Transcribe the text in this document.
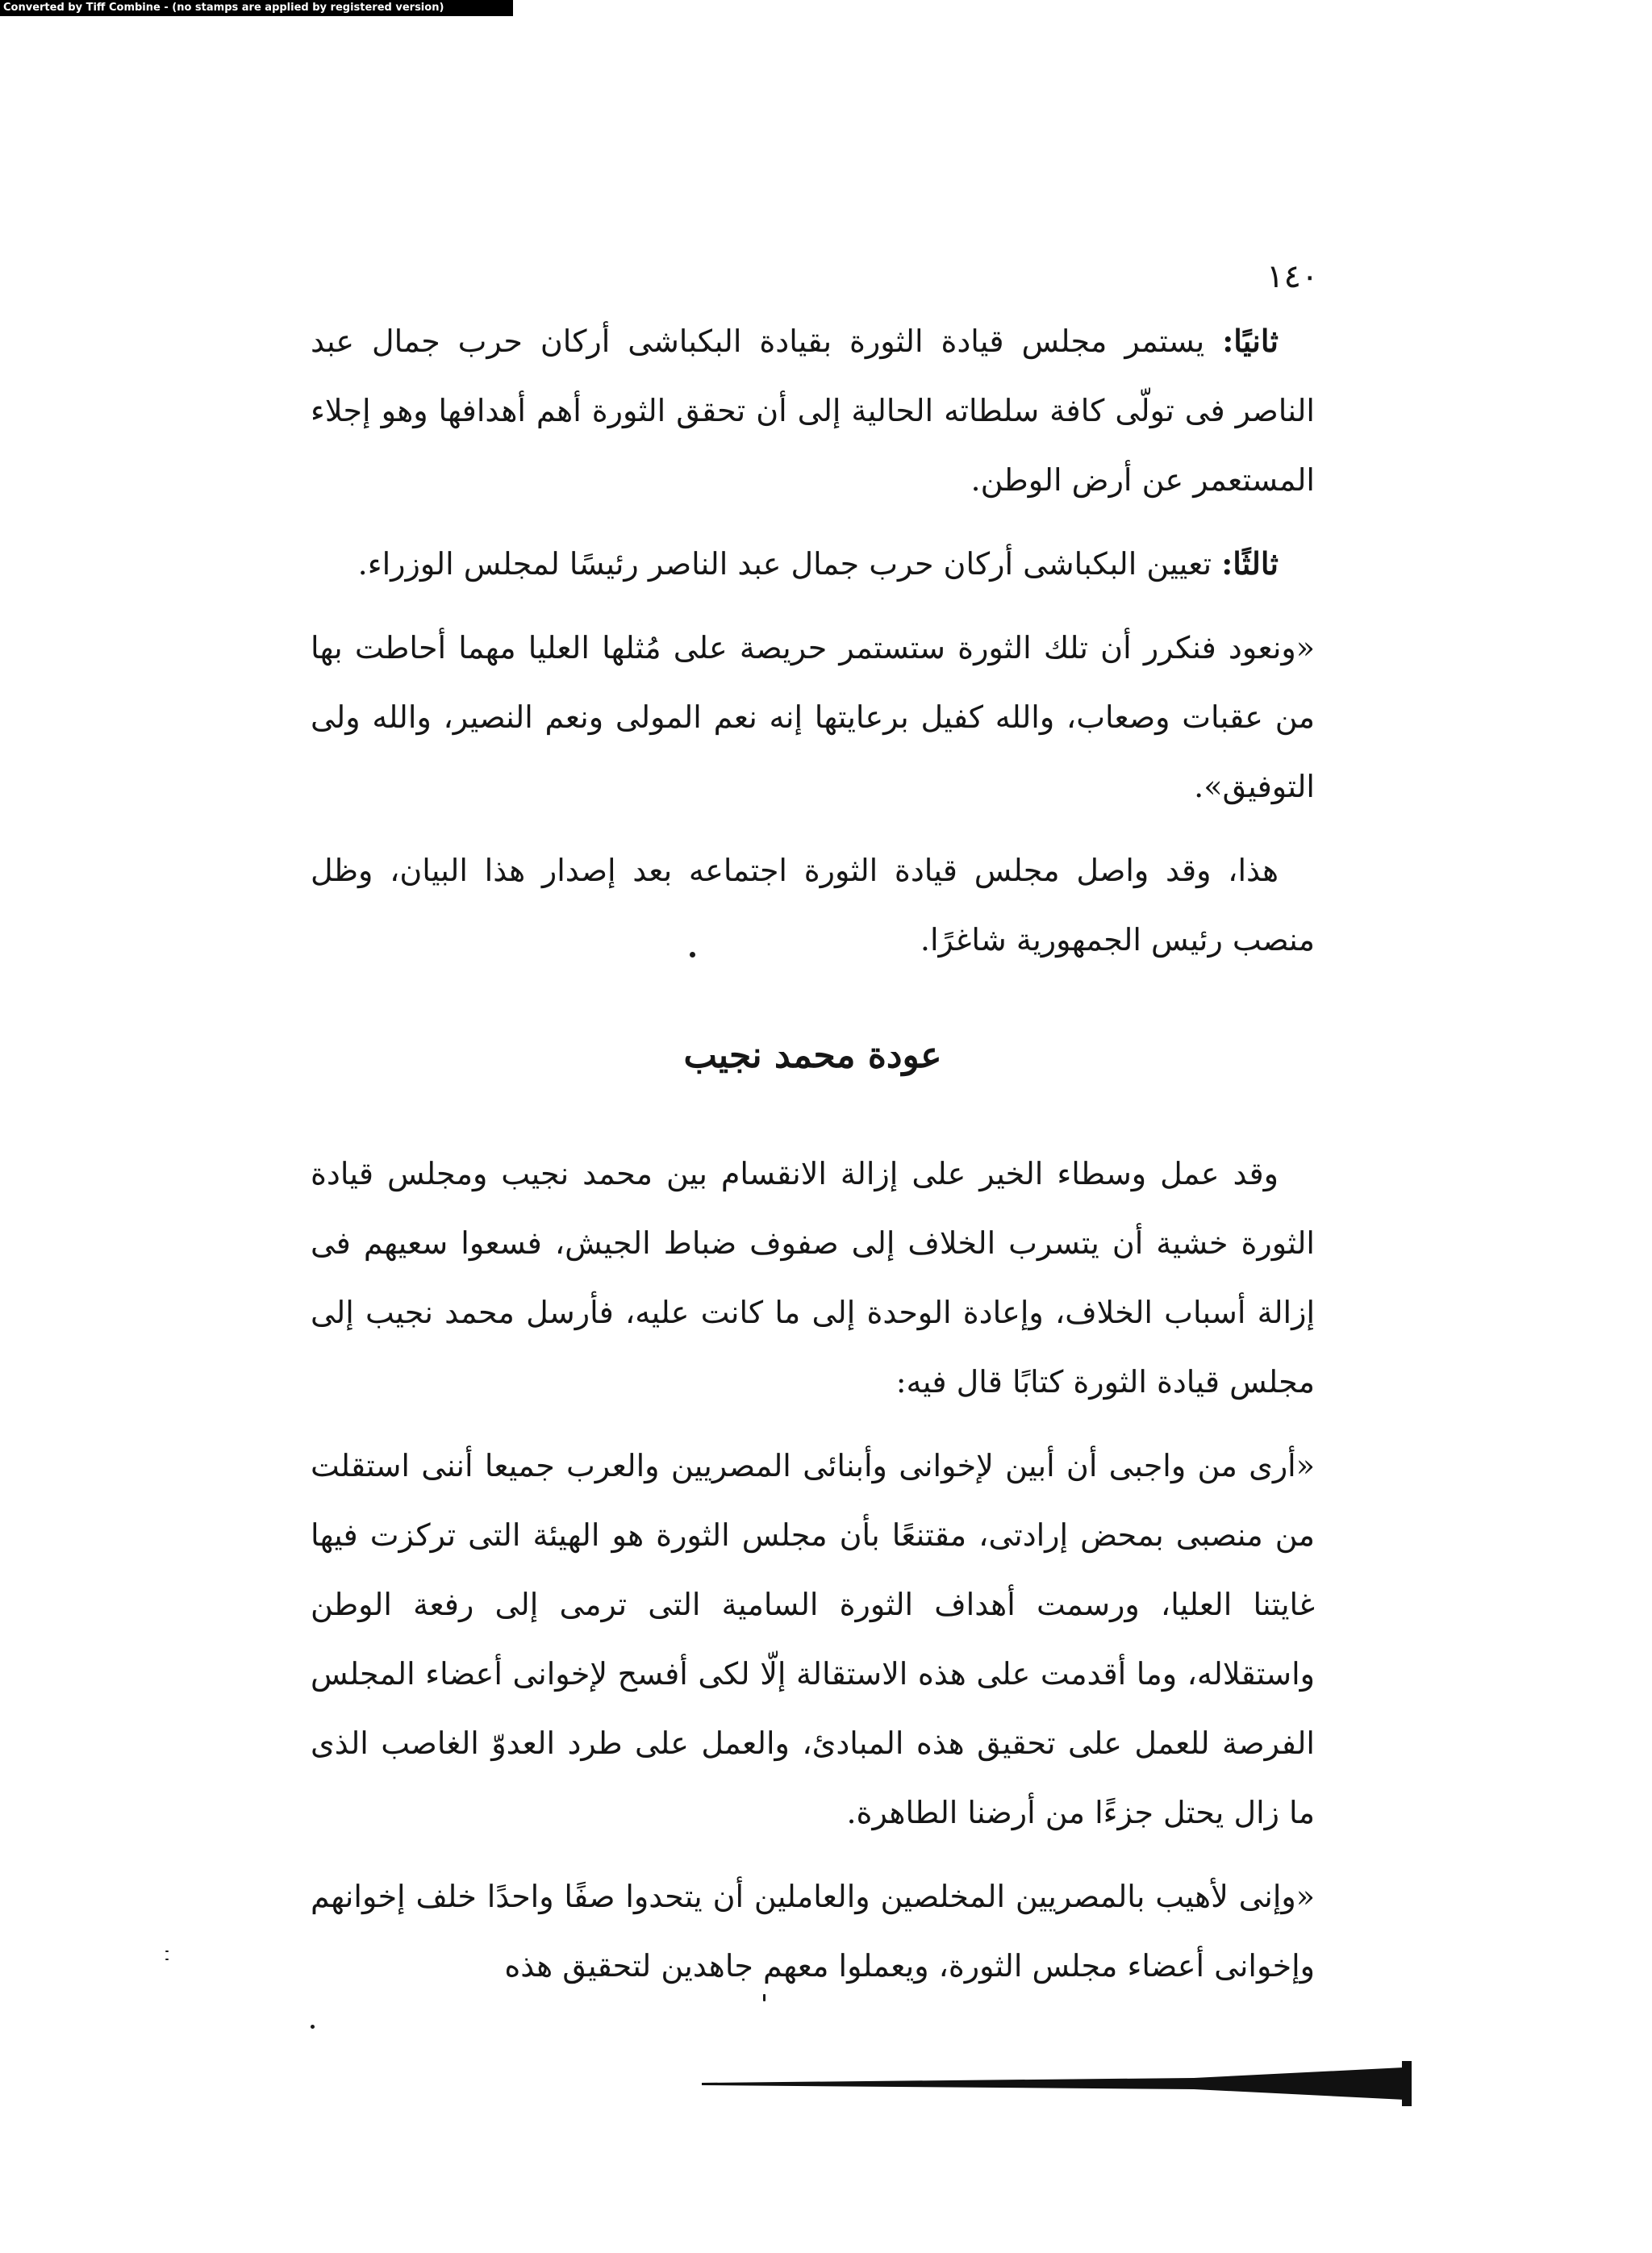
Converted by Tiff Combine - (no stamps are applied by registered version)
١٤٠

ثانيًا: يستمر مجلس قيادة الثورة بقيادة البكباشى أركان حرب جمال عبد الناصر فى تولّى كافة سلطاته الحالية إلى أن تحقق الثورة أهم أهدافها وهو إجلاء المستعمر عن أرض الوطن.

ثالثًا: تعيين البكباشى أركان حرب جمال عبد الناصر رئيسًا لمجلس الوزراء.

«ونعود فنكرر أن تلك الثورة ستستمر حريصة على مُثلها العليا مهما أحاطت بها من عقبات وصعاب، والله كفيل برعايتها إنه نعم المولى ونعم النصير، والله ولى التوفيق».

هذا، وقد واصل مجلس قيادة الثورة اجتماعه بعد إصدار هذا البيان، وظل منصب رئيس الجمهورية شاغرًا.

عودة محمد نجيب

وقد عمل وسطاء الخير على إزالة الانقسام بين محمد نجيب ومجلس قيادة الثورة خشية أن يتسرب الخلاف إلى صفوف ضباط الجيش، فسعوا سعيهم فى إزالة أسباب الخلاف، وإعادة الوحدة إلى ما كانت عليه، فأرسل محمد نجيب إلى مجلس قيادة الثورة كتابًا قال فيه:

«أرى من واجبى أن أبين لإخوانى وأبنائى المصريين والعرب جميعا أننى استقلت من منصبى بمحض إرادتى، مقتنعًا بأن مجلس الثورة هو الهيئة التى تركزت فيها غايتنا العليا، ورسمت أهداف الثورة السامية التى ترمى إلى رفعة الوطن واستقلاله، وما أقدمت على هذه الاستقالة إلّا لكى أفسح لإخوانى أعضاء المجلس الفرصة للعمل على تحقيق هذه المبادئ، والعمل على طرد العدوّ الغاصب الذى ما زال يحتل جزءًا من أرضنا الطاهرة.

«وإنى لأهيب بالمصريين المخلصين والعاملين أن يتحدوا صفًا واحدًا خلف إخوانهم وإخوانى أعضاء مجلس الثورة، ويعملوا معهم جاهدين لتحقيق هذه
